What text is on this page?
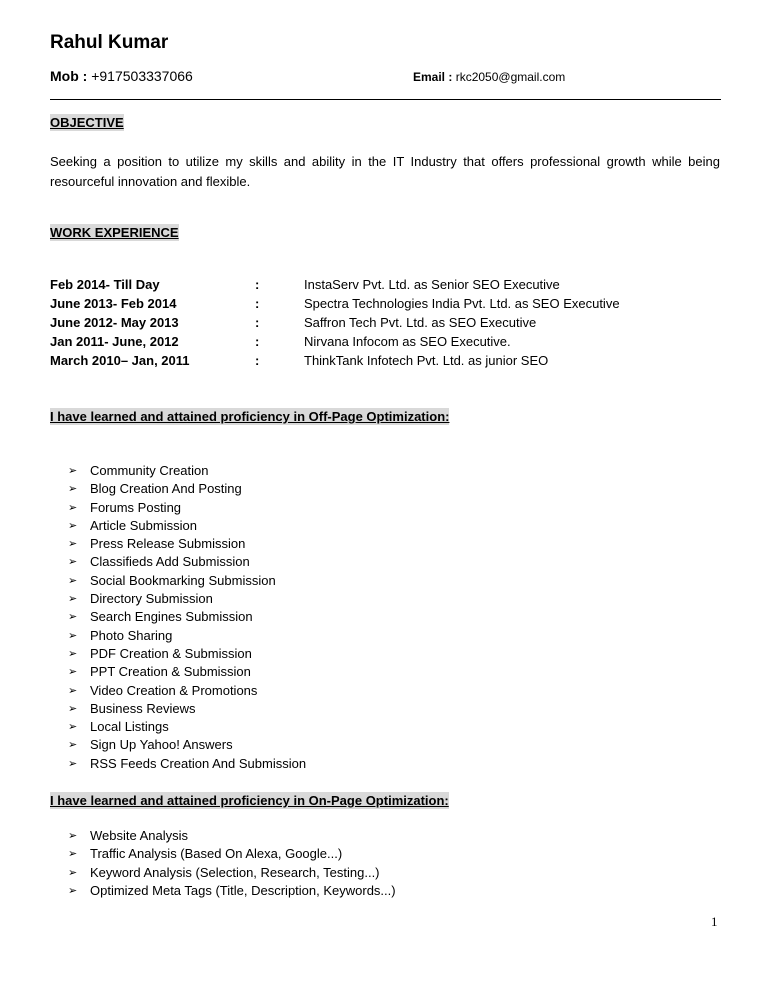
Rahul Kumar
Mob : +917503337066	Email : rkc2050@gmail.com
OBJECTIVE
Seeking a position to utilize my skills and ability in the IT Industry that offers professional growth while being resourceful innovation and flexible.
WORK EXPERIENCE
Feb 2014- Till Day	:	InstaServ Pvt. Ltd. as Senior SEO Executive
June 2013- Feb 2014	:	Spectra Technologies India Pvt. Ltd. as SEO Executive
June 2012- May 2013	:	Saffron Tech Pvt. Ltd. as SEO Executive
Jan 2011- June, 2012	:	Nirvana Infocom as SEO Executive.
March 2010– Jan, 2011	:	ThinkTank Infotech Pvt. Ltd. as junior SEO
I have learned and attained proficiency in Off-Page Optimization:
➢ Community Creation
➢ Blog Creation And Posting
➢ Forums Posting
➢ Article Submission
➢ Press Release Submission
➢ Classifieds Add Submission
➢ Social Bookmarking Submission
➢ Directory Submission
➢ Search Engines Submission
➢ Photo Sharing
➢ PDF Creation & Submission
➢ PPT Creation & Submission
➢ Video Creation & Promotions
➢ Business Reviews
➢ Local Listings
➢ Sign Up Yahoo! Answers
➢ RSS Feeds Creation And Submission
I have learned and attained proficiency in On-Page Optimization:
➢ Website Analysis
➢ Traffic Analysis (Based On Alexa, Google...)
➢ Keyword Analysis (Selection, Research, Testing...)
➢ Optimized Meta Tags (Title, Description, Keywords...)
1
